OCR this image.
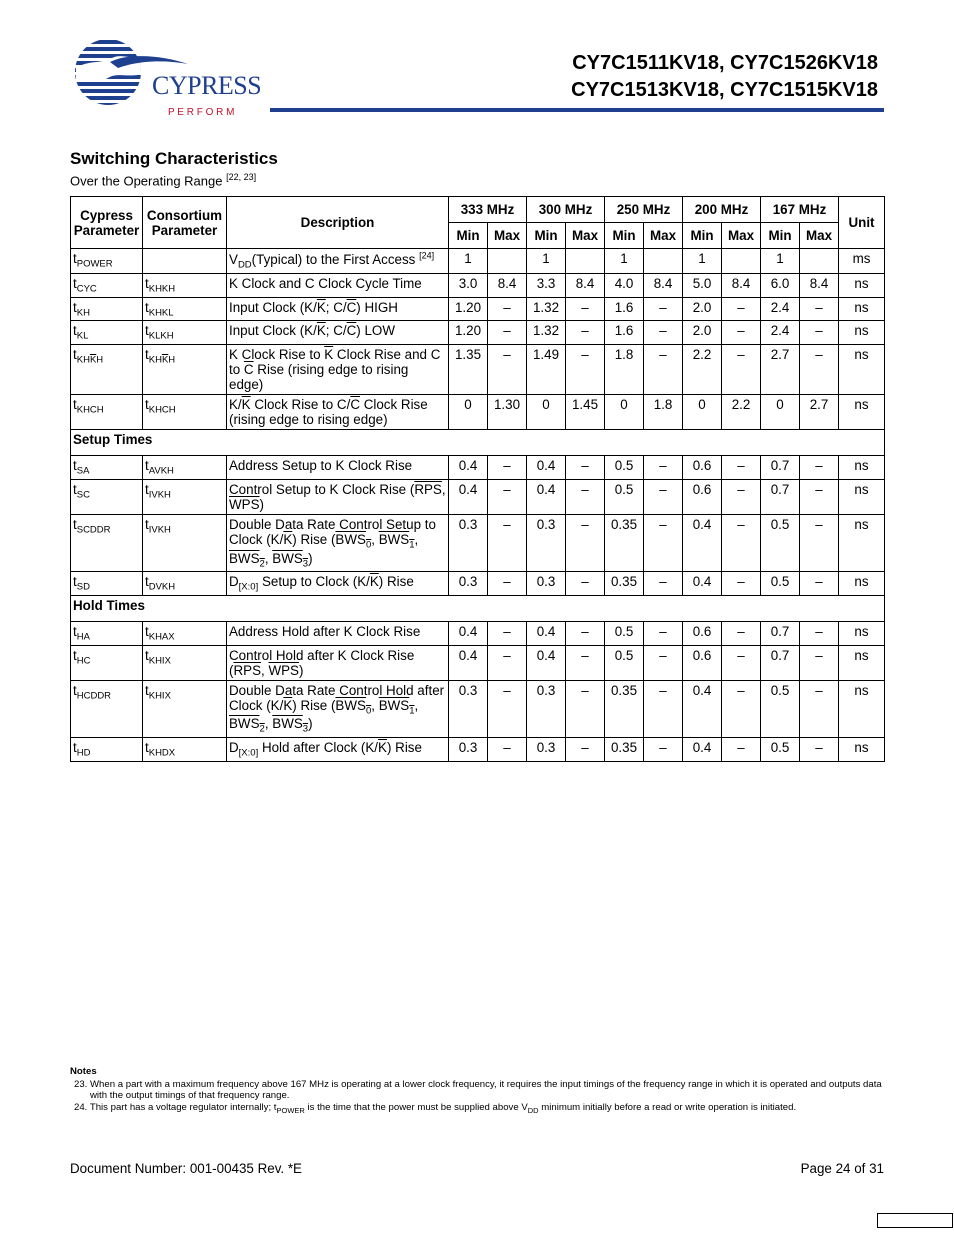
CYPRESS
P E R F O R M
CY7C1511KV18, CY7C1526KV18
CY7C1513KV18, CY7C1515KV18
Switching Characteristics
Over the Operating Range [22, 23]
Cypress Parameter	Consortium Parameter	Description	333 MHz		300 MHz		250 MHz		200 MHz		167 MHz		Unit
			Min	Max	Min	Max	Min	Max	Min	Max	Min	Max	
$t_{POWER}$		$V_{DD}(Typical)$ to the First Access [24]	1		1		1		1		1		ms
$t_{CYC}$	$t_{KHKH}$	K Clock and C Clock Cycle Time	3.0	8.4	3.3	8.4	4.0	8.4	5.0	8.4	6.0	8.4	ns
$t_{KH}$	$t_{KHKL}$	Input Clock ($K/\overline{K}$; $C/\overline{C}$) HIGH	1.20	–	1.32	–	1.6	–	2.0	–	2.4	–	ns
$t_{KL}$	$t_{KLKH}$	Input Clock ($K/\overline{K}$; $C/\overline{C}$) LOW	1.20	–	1.32	–	1.6	–	2.0	–	2.4	–	ns
$t_{KH\overline{K}H}$	$t_{KH\overline{K}H}$	K Clock Rise to $\overline{K}$ Clock Rise and C to $\overline{C}$ Rise (rising edge to rising edge)	1.35	–	1.49	–	1.8	–	2.2	–	2.7	–	ns
$t_{KHCH}$	$t_{KHCH}$	$K/\overline{K}$ Clock Rise to $C/\overline{C}$ Clock Rise (rising edge to rising edge)	0	1.30	0	1.45	0	1.8	0	2.2	0	2.7	ns
Setup Times													
$t_{SA}$	$t_{AVKH}$	Address Setup to K Clock Rise	0.4	–	0.4	–	0.5	–	0.6	–	0.7	–	ns
$t_{SC}$	$t_{IVKH}$	Control Setup to K Clock Rise ($\overline{RPS}$, $\overline{WPS}$)	0.4	–	0.4	–	0.5	–	0.6	–	0.7	–	ns
$t_{SCDDR}$	$t_{IVKH}$	Double Data Rate Control Setup to Clock $(K/\overline{K})$ Rise ($BWS_0$, $BWS_1$, $BWS_2$, $BWS_3$)	0.3	–	0.3	–	0.35	–	0.4	–	0.5	–	ns
$t_{SD}$	$t_{DVKH}$	$D_{[X:0]}$ Setup to Clock $(K/\overline{K})$ Rise	0.3	–	0.3	–	0.35	–	0.4	–	0.5	–	ns
Hold Times													
$t_{HA}$	$t_{KHAX}$	Address Hold after K Clock Rise	0.4	–	0.4	–	0.5	–	0.6	–	0.7	–	ns
$t_{HC}$	$t_{KHIX}$	Control Hold after K Clock Rise ($\overline{RPS}$, $\overline{WPS}$)	0.4	–	0.4	–	0.5	–	0.6	–	0.7	–	ns
$t_{HCDDR}$	$t_{KHIX}$	Double Data Rate Control Hold after Clock $(K/\overline{K})$ Rise ($BWS_0$, $BWS_1$, $BWS_2$, $BWS_3$)	0.3	–	0.3	–	0.35	–	0.4	–	0.5	–	ns
$t_{HD}$	$t_{KHDX}$	$D_{[X:0]}$ Hold after Clock $(K/\overline{K})$ Rise	0.3	–	0.3	–	0.35	–	0.4	–	0.5	–	ns
Notes
23. When a part with a maximum frequency above 167 MHz is operating at a lower clock frequency, it requires the input timings of the frequency range in which it is operated and outputs data with the output timings of that frequency range.
24. This part has a voltage regulator internally; $t_{POWER}$ is the time that the power must be supplied above $V_{DD}$ minimum initially before a read or write operation is initiated.
Document Number: 001-00435 Rev. *E	Page 24 of 31
